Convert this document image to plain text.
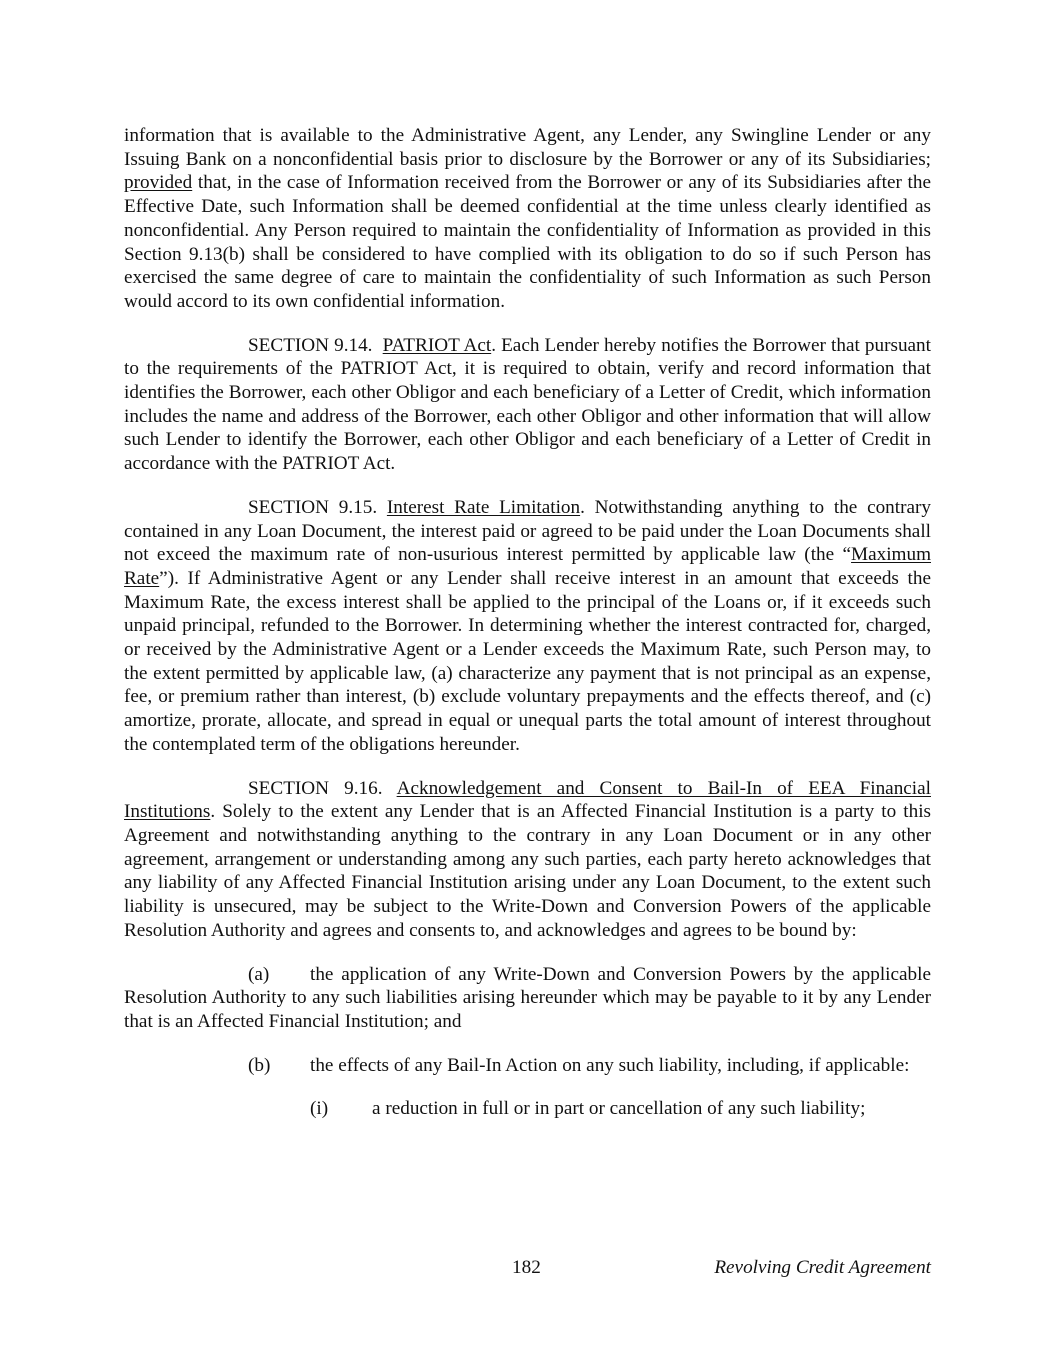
information that is available to the Administrative Agent, any Lender, any Swingline Lender or any Issuing Bank on a nonconfidential basis prior to disclosure by the Borrower or any of its Subsidiaries; provided that, in the case of Information received from the Borrower or any of its Subsidiaries after the Effective Date, such Information shall be deemed confidential at the time unless clearly identified as nonconfidential. Any Person required to maintain the confidentiality of Information as provided in this Section 9.13(b) shall be considered to have complied with its obligation to do so if such Person has exercised the same degree of care to maintain the confidentiality of such Information as such Person would accord to its own confidential information.

SECTION 9.14. PATRIOT Act. Each Lender hereby notifies the Borrower that pursuant to the requirements of the PATRIOT Act, it is required to obtain, verify and record information that identifies the Borrower, each other Obligor and each beneficiary of a Letter of Credit, which information includes the name and address of the Borrower, each other Obligor and other information that will allow such Lender to identify the Borrower, each other Obligor and each beneficiary of a Letter of Credit in accordance with the PATRIOT Act.

SECTION 9.15. Interest Rate Limitation. Notwithstanding anything to the contrary contained in any Loan Document, the interest paid or agreed to be paid under the Loan Documents shall not exceed the maximum rate of non-usurious interest permitted by applicable law (the “Maximum Rate”). If Administrative Agent or any Lender shall receive interest in an amount that exceeds the Maximum Rate, the excess interest shall be applied to the principal of the Loans or, if it exceeds such unpaid principal, refunded to the Borrower. In determining whether the interest contracted for, charged, or received by the Administrative Agent or a Lender exceeds the Maximum Rate, such Person may, to the extent permitted by applicable law, (a) characterize any payment that is not principal as an expense, fee, or premium rather than interest, (b) exclude voluntary prepayments and the effects thereof, and (c) amortize, prorate, allocate, and spread in equal or unequal parts the total amount of interest throughout the contemplated term of the obligations hereunder.

SECTION 9.16. Acknowledgement and Consent to Bail-In of EEA Financial Institutions. Solely to the extent any Lender that is an Affected Financial Institution is a party to this Agreement and notwithstanding anything to the contrary in any Loan Document or in any other agreement, arrangement or understanding among any such parties, each party hereto acknowledges that any liability of any Affected Financial Institution arising under any Loan Document, to the extent such liability is unsecured, may be subject to the Write-Down and Conversion Powers of the applicable Resolution Authority and agrees and consents to, and acknowledges and agrees to be bound by:

(a) the application of any Write-Down and Conversion Powers by the applicable Resolution Authority to any such liabilities arising hereunder which may be payable to it by any Lender that is an Affected Financial Institution; and

(b) the effects of any Bail-In Action on any such liability, including, if applicable:

(i) a reduction in full or in part or cancellation of any such liability;

182	Revolving Credit Agreement
